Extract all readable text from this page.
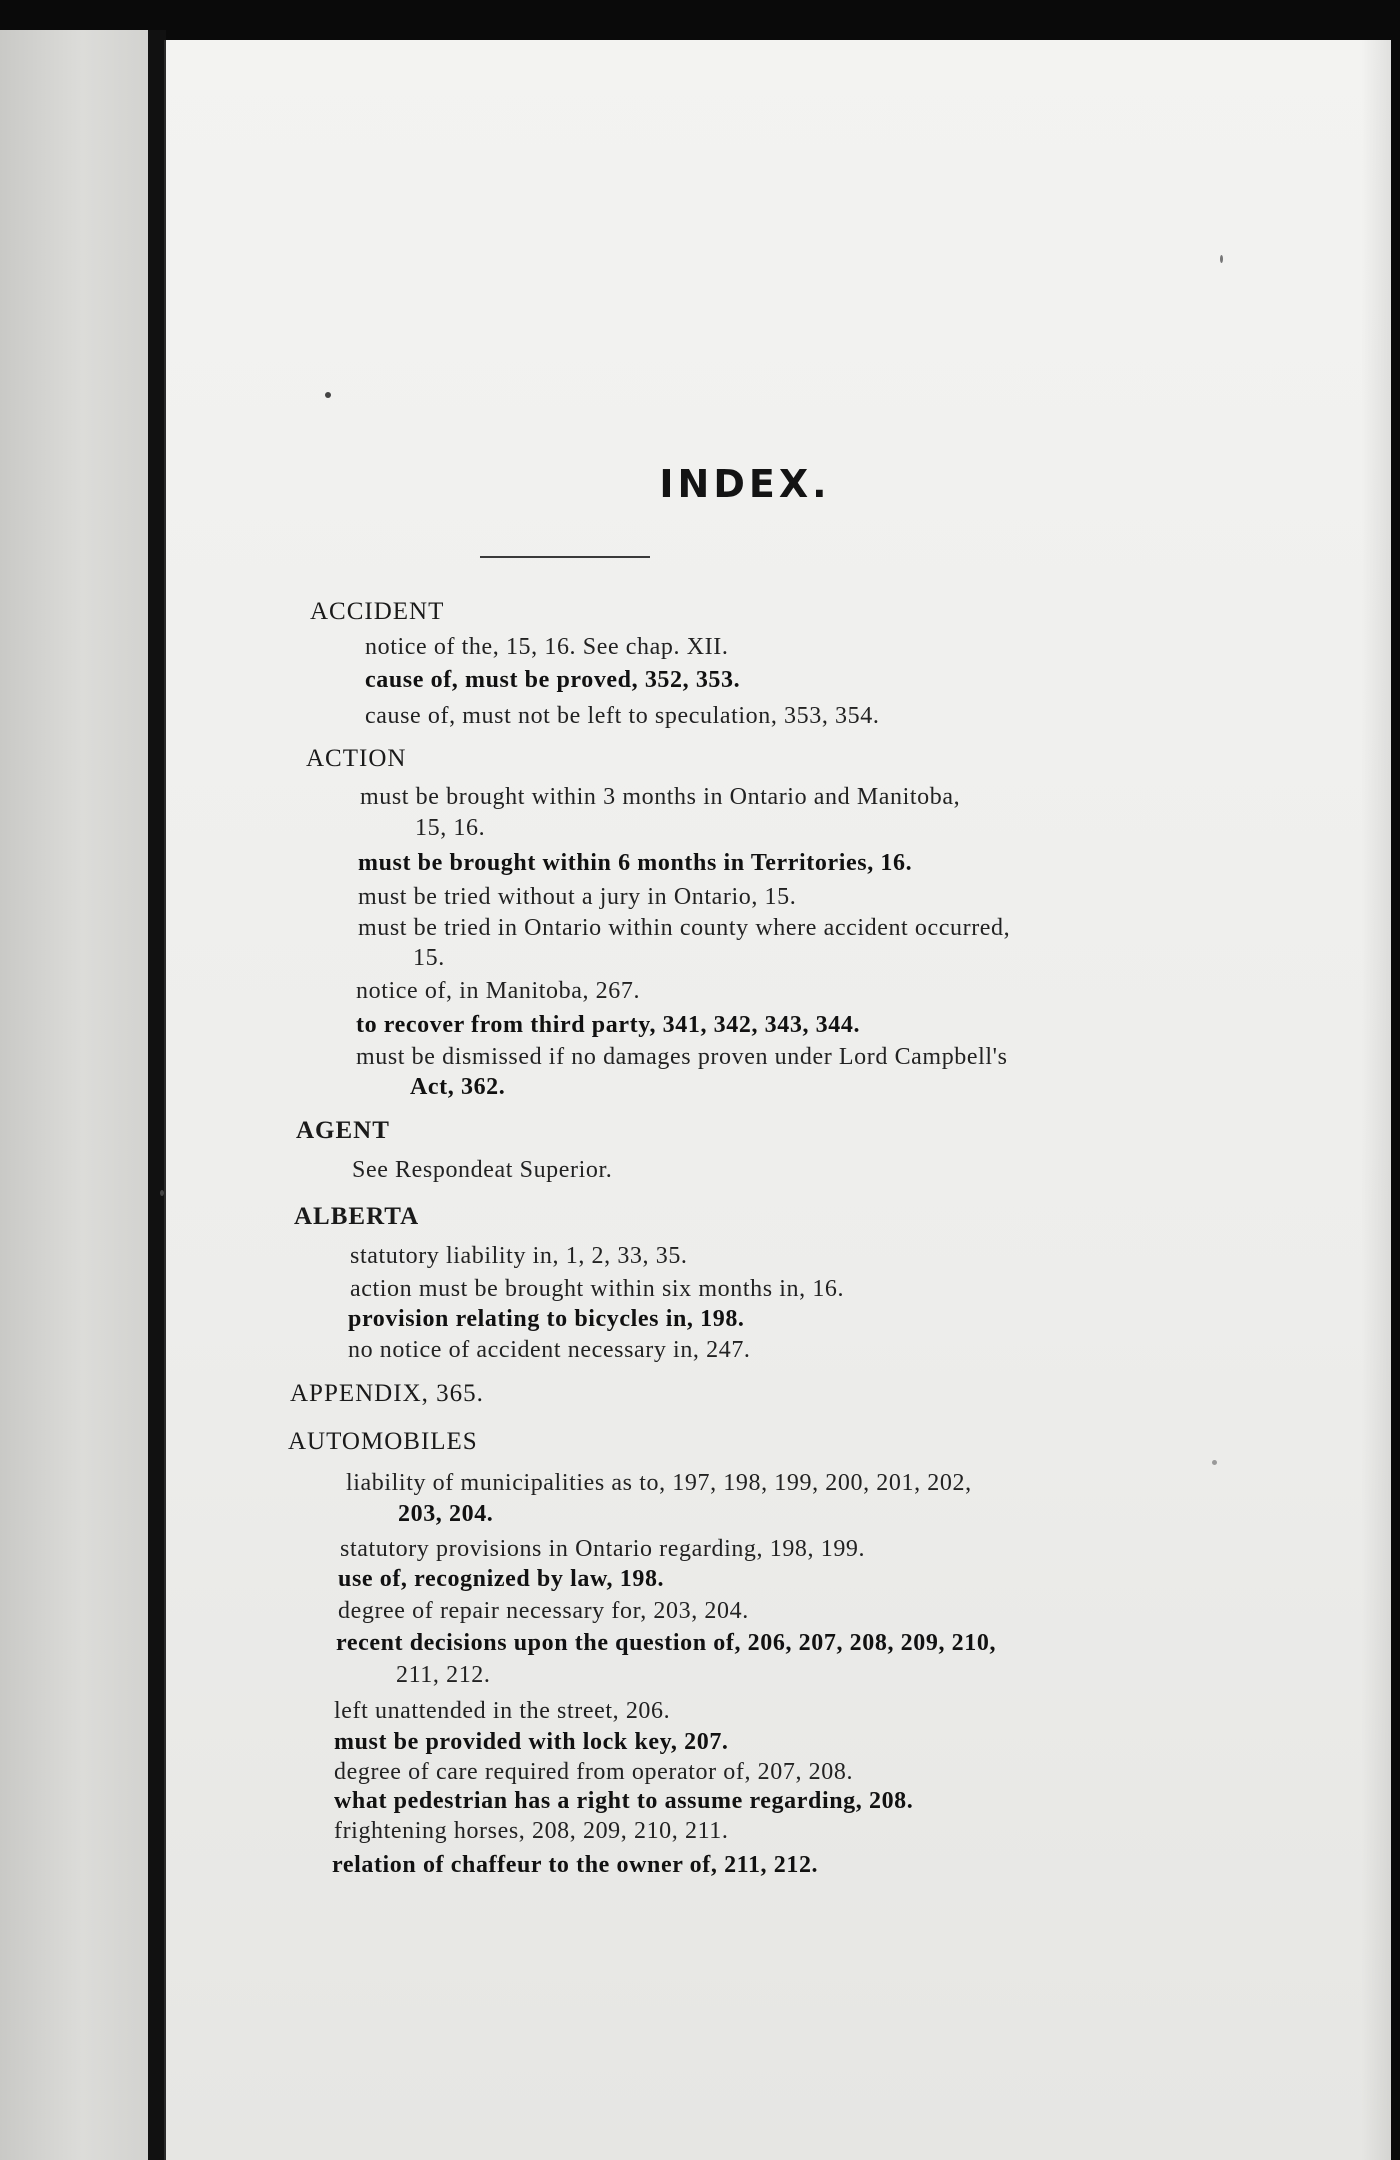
INDEX.
ACCIDENT
notice of the, 15, 16. See chap. XII.
cause of, must be proved, 352, 353.
cause of, must not be left to speculation, 353, 354.
ACTION
must be brought within 3 months in Ontario and Manitoba,
15, 16.
must be brought within 6 months in Territories, 16.
must be tried without a jury in Ontario, 15.
must be tried in Ontario within county where accident occurred,
15.
notice of, in Manitoba, 267.
to recover from third party, 341, 342, 343, 344.
must be dismissed if no damages proven under Lord Campbell's
Act, 362.
AGENT
See Respondeat Superior.
ALBERTA
statutory liability in, 1, 2, 33, 35.
action must be brought within six months in, 16.
provision relating to bicycles in, 198.
no notice of accident necessary in, 247.
APPENDIX, 365.
AUTOMOBILES
liability of municipalities as to, 197, 198, 199, 200, 201, 202,
203, 204.
statutory provisions in Ontario regarding, 198, 199.
use of, recognized by law, 198.
degree of repair necessary for, 203, 204.
recent decisions upon the question of, 206, 207, 208, 209, 210,
211, 212.
left unattended in the street, 206.
must be provided with lock key, 207.
degree of care required from operator of, 207, 208.
what pedestrian has a right to assume regarding, 208.
frightening horses, 208, 209, 210, 211.
relation of chaffeur to the owner of, 211, 212.
